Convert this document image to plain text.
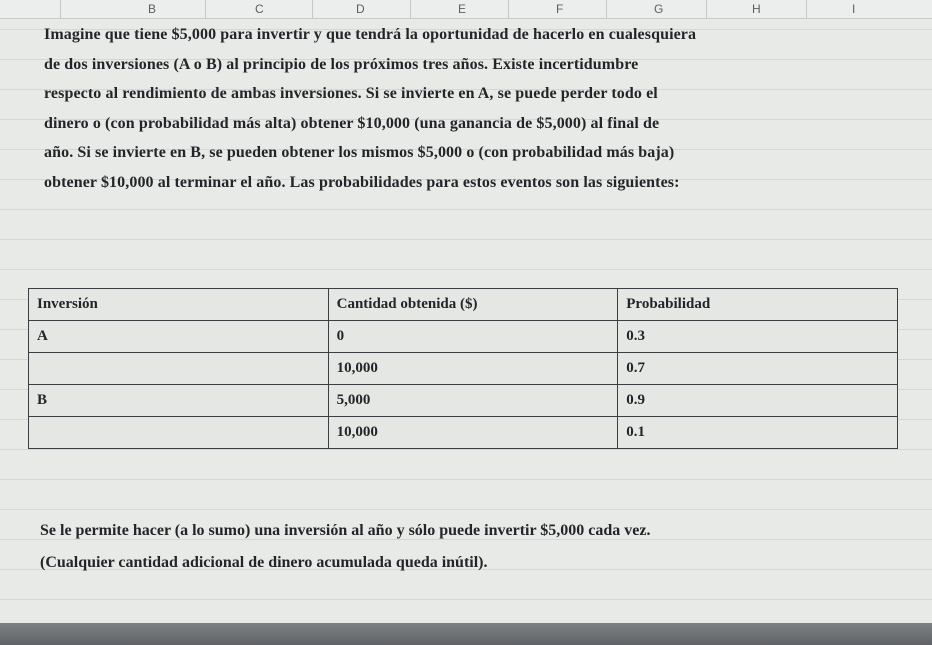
B	C	D	E	F	G	H	I
Imagine que tiene $5,000 para invertir y que tendrá la oportunidad de hacerlo en cualesquiera
de dos inversiones (A o B) al principio de los próximos tres años. Existe incertidumbre
respecto al rendimiento de ambas inversiones. Si se invierte en A, se puede perder todo el
dinero o (con probabilidad más alta) obtener $10,000 (una ganancia de $5,000) al final de
año. Si se invierte en B, se pueden obtener los mismos $5,000 o (con probabilidad más baja)
obtener $10,000 al terminar el año. Las probabilidades para estos eventos son las siguientes:
Inversión	Cantidad obtenida ($)	Probabilidad
A	0	0.3
	10,000	0.7
B	5,000	0.9
	10,000	0.1
Se le permite hacer (a lo sumo) una inversión al año y sólo puede invertir $5,000 cada vez.
(Cualquier cantidad adicional de dinero acumulada queda inútil).
